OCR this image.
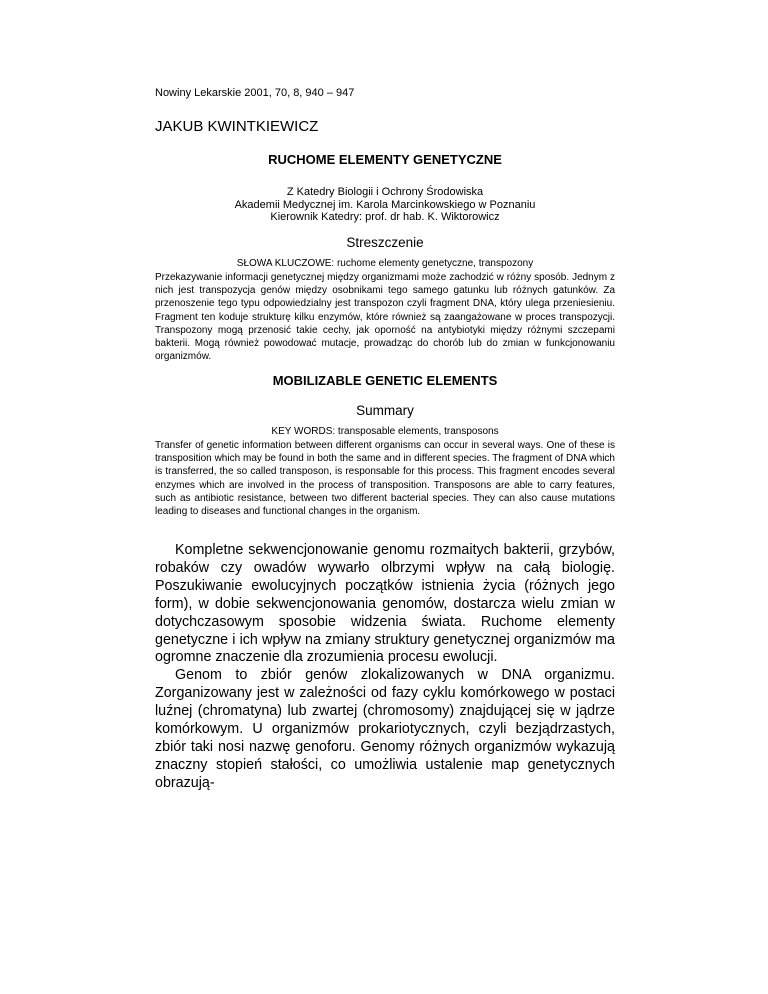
Nowiny Lekarskie 2001, 70, 8, 940 – 947
JAKUB KWINTKIEWICZ
RUCHOME ELEMENTY GENETYCZNE
Z Katedry Biologii i Ochrony Środowiska
Akademii Medycznej im. Karola Marcinkowskiego w Poznaniu
Kierownik Katedry: prof. dr hab. K. Wiktorowicz
Streszczenie
SŁOWA KLUCZOWE: ruchome elementy genetyczne, transpozony
Przekazywanie informacji genetycznej między organizmami może zachodzić w różny sposób. Jednym z nich jest transpozycja genów między osobnikami tego samego gatunku lub różnych gatunków. Za przenoszenie tego typu odpowiedzialny jest transpozon czyli fragment DNA, który ulega przeniesieniu. Fragment ten koduje strukturę kilku enzymów, które również są zaangażowane w proces transpozycji. Transpozony mogą przenosić takie cechy, jak oporność na antybiotyki między różnymi szczepami bakterii. Mogą również powodować mutacje, prowadząc do chorób lub do zmian w funkcjonowaniu organizmów.
MOBILIZABLE GENETIC ELEMENTS
Summary
KEY WORDS: transposable elements, transposons
Transfer of genetic information between different organisms can occur in several ways. One of these is transposition which may be found in both the same and in different species. The fragment of DNA which is transferred, the so called transposon, is responsable for this process. This fragment encodes several enzymes which are involved in the process of transposition. Transposons are able to carry features, such as antibiotic resistance, between two different bacterial species. They can also cause mutations leading to diseases and functional changes in the organism.

Kompletne sekwencjonowanie genomu rozmaitych bakterii, grzybów, robaków czy owadów wywarło olbrzymi wpływ na całą biologię. Poszukiwanie ewolucyjnych początków istnienia życia (różnych jego form), w dobie sekwencjonowania genomów, dostarcza wielu zmian w dotychczasowym sposobie widzenia świata. Ruchome elementy genetyczne i ich wpływ na zmiany struktury genetycznej organizmów ma ogromne znaczenie dla zrozumienia procesu ewolucji.

Genom to zbiór genów zlokalizowanych w DNA organizmu. Zorganizowany jest w zależności od fazy cyklu komórkowego w postaci luźnej (chromatyna) lub zwartej (chromosomy) znajdującej się w jądrze komórkowym. U organizmów prokariotycznych, czyli bezjądrzastych, zbiór taki nosi nazwę genoforu. Genomy różnych organizmów wykazują znaczny stopień stałości, co umożliwia ustalenie map genetycznych obrazują-
